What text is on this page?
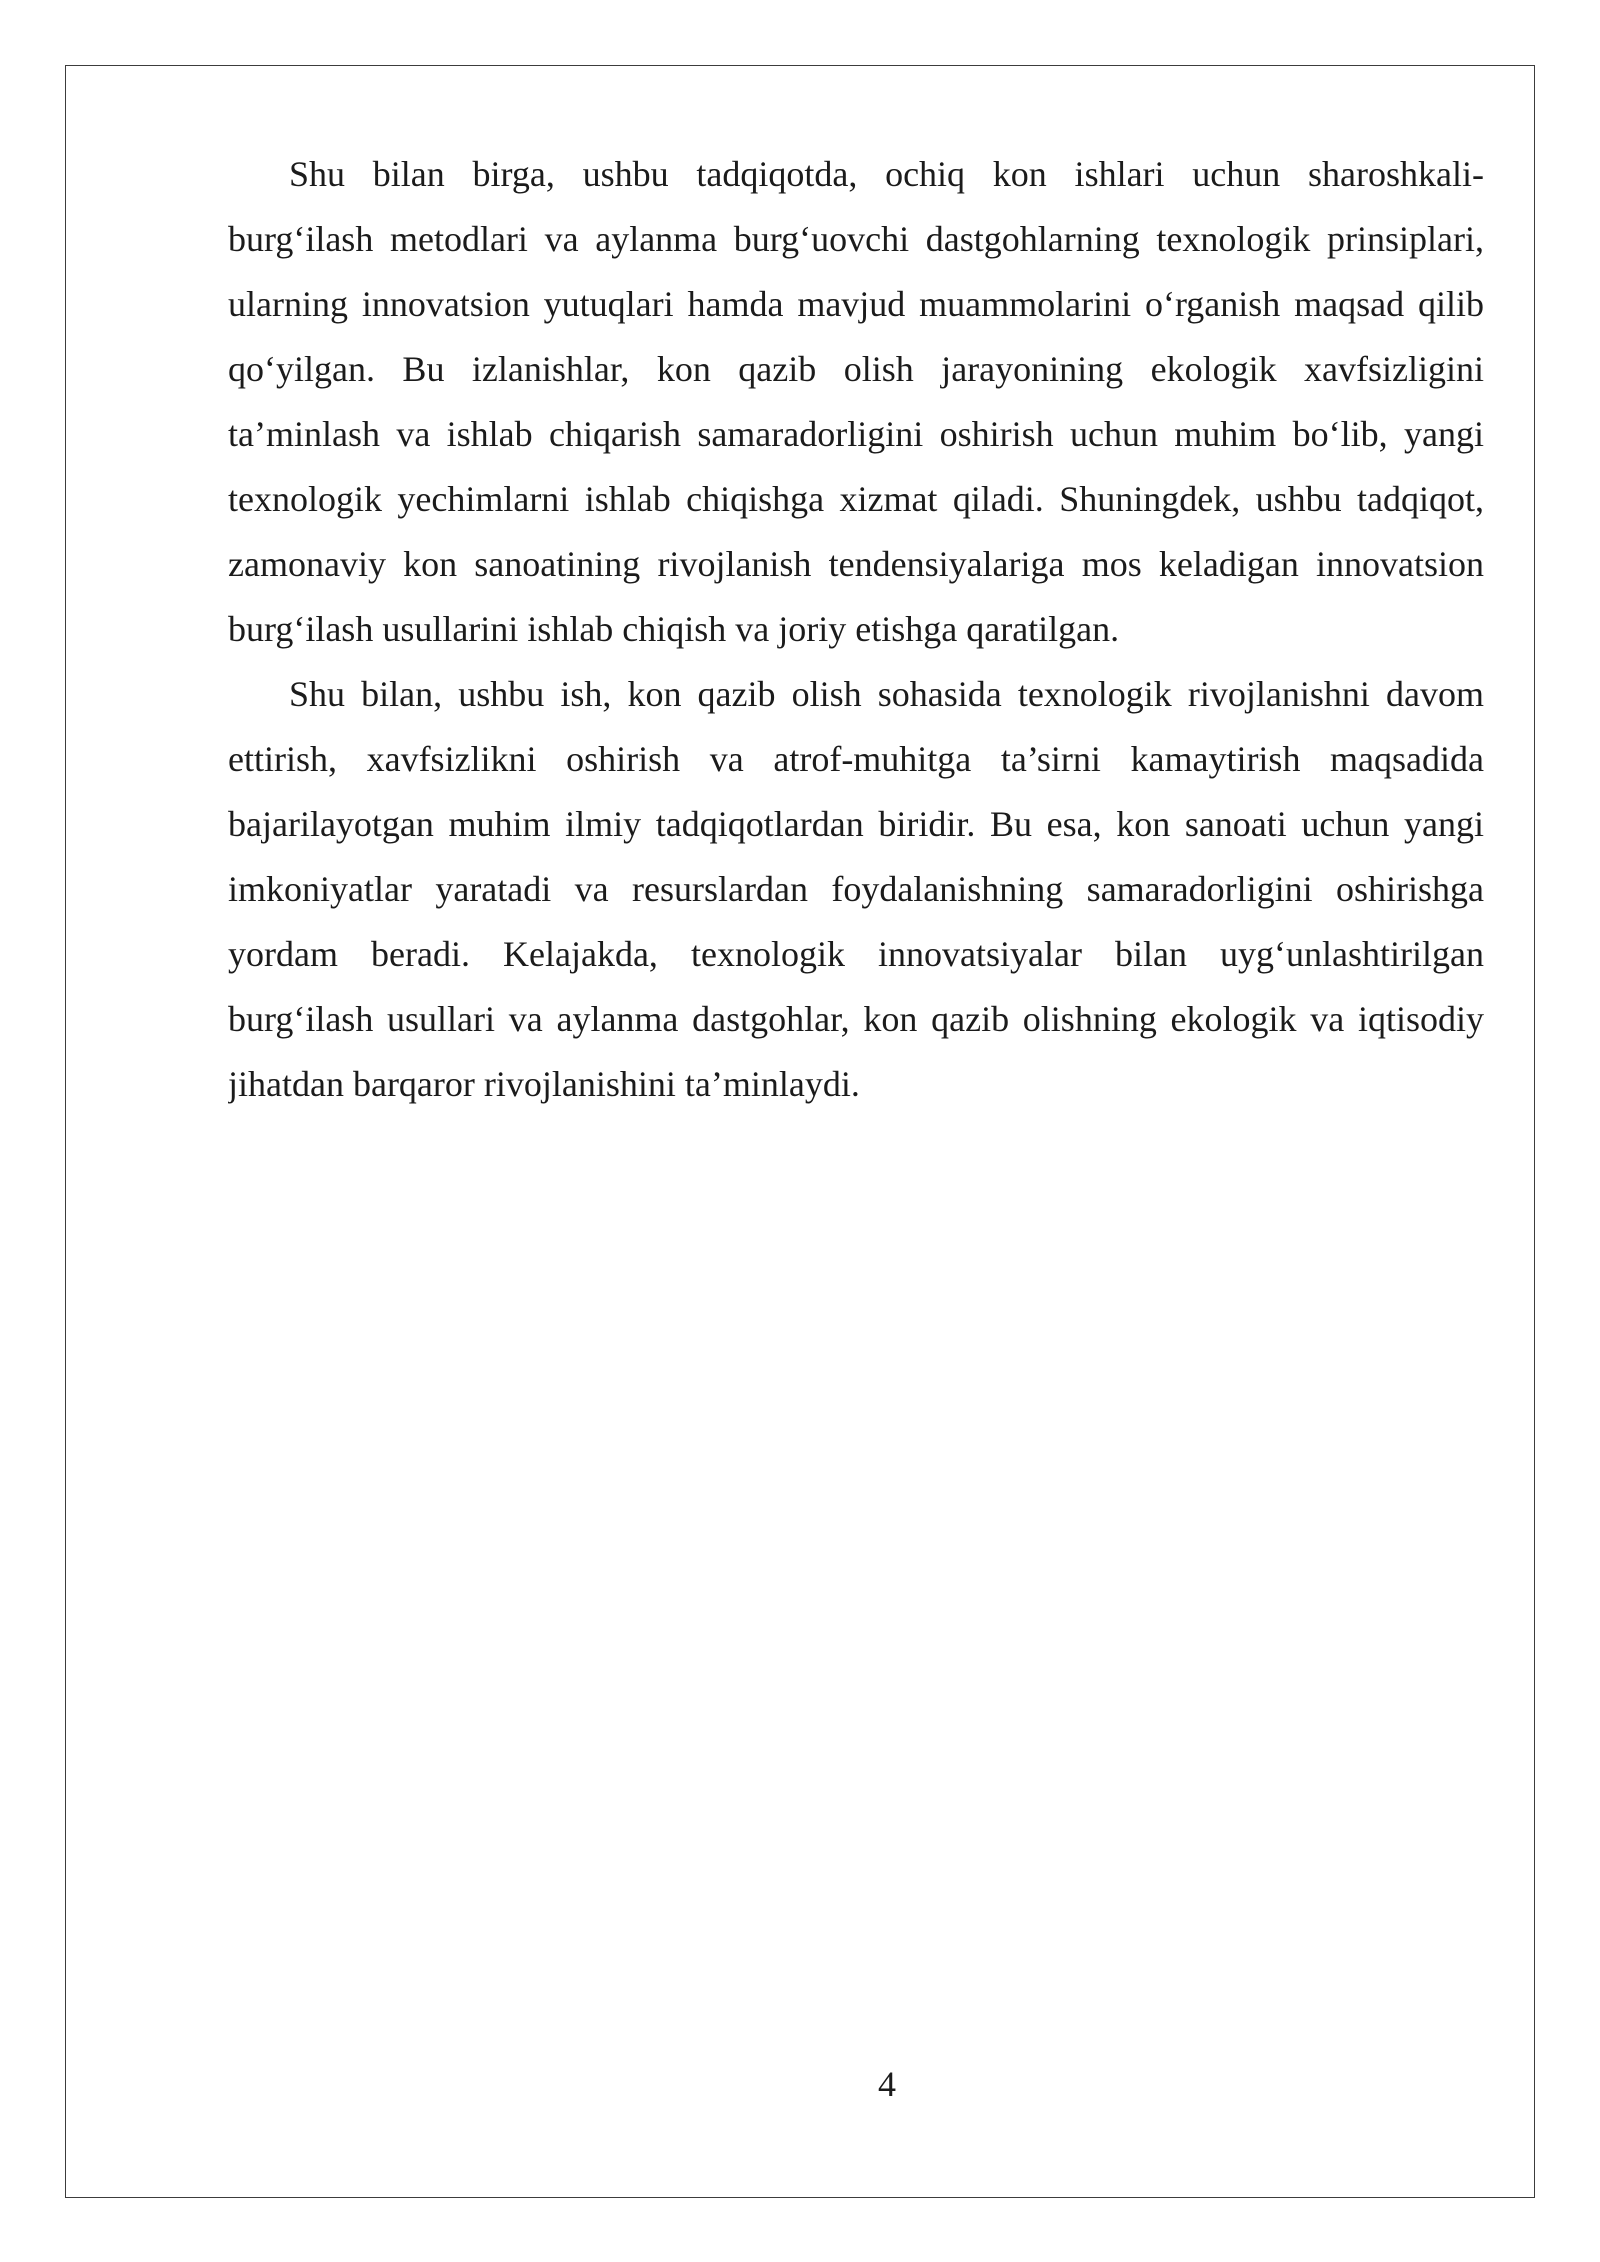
Shu bilan birga, ushbu tadqiqotda, ochiq kon ishlari uchun sharoshkali-
burg‘ilash metodlari va aylanma burg‘uovchi dastgohlarning texnologik prinsiplari,
ularning innovatsion yutuqlari hamda mavjud muammolarini o‘rganish maqsad qilib
qo‘yilgan. Bu izlanishlar, kon qazib olish jarayonining ekologik xavfsizligini
ta’minlash va ishlab chiqarish samaradorligini oshirish uchun muhim bo‘lib, yangi
texnologik yechimlarni ishlab chiqishga xizmat qiladi. Shuningdek, ushbu tadqiqot,
zamonaviy kon sanoatining rivojlanish tendensiyalariga mos keladigan innovatsion
burg‘ilash usullarini ishlab chiqish va joriy etishga qaratilgan.
Shu bilan, ushbu ish, kon qazib olish sohasida texnologik rivojlanishni davom
ettirish, xavfsizlikni oshirish va atrof-muhitga ta’sirni kamaytirish maqsadida
bajarilayotgan muhim ilmiy tadqiqotlardan biridir. Bu esa, kon sanoati uchun yangi
imkoniyatlar yaratadi va resurslardan foydalanishning samaradorligini oshirishga
yordam beradi. Kelajakda, texnologik innovatsiyalar bilan uyg‘unlashtirilgan
burg‘ilash usullari va aylanma dastgohlar, kon qazib olishning ekologik va iqtisodiy
jihatdan barqaror rivojlanishini ta’minlaydi.
4
